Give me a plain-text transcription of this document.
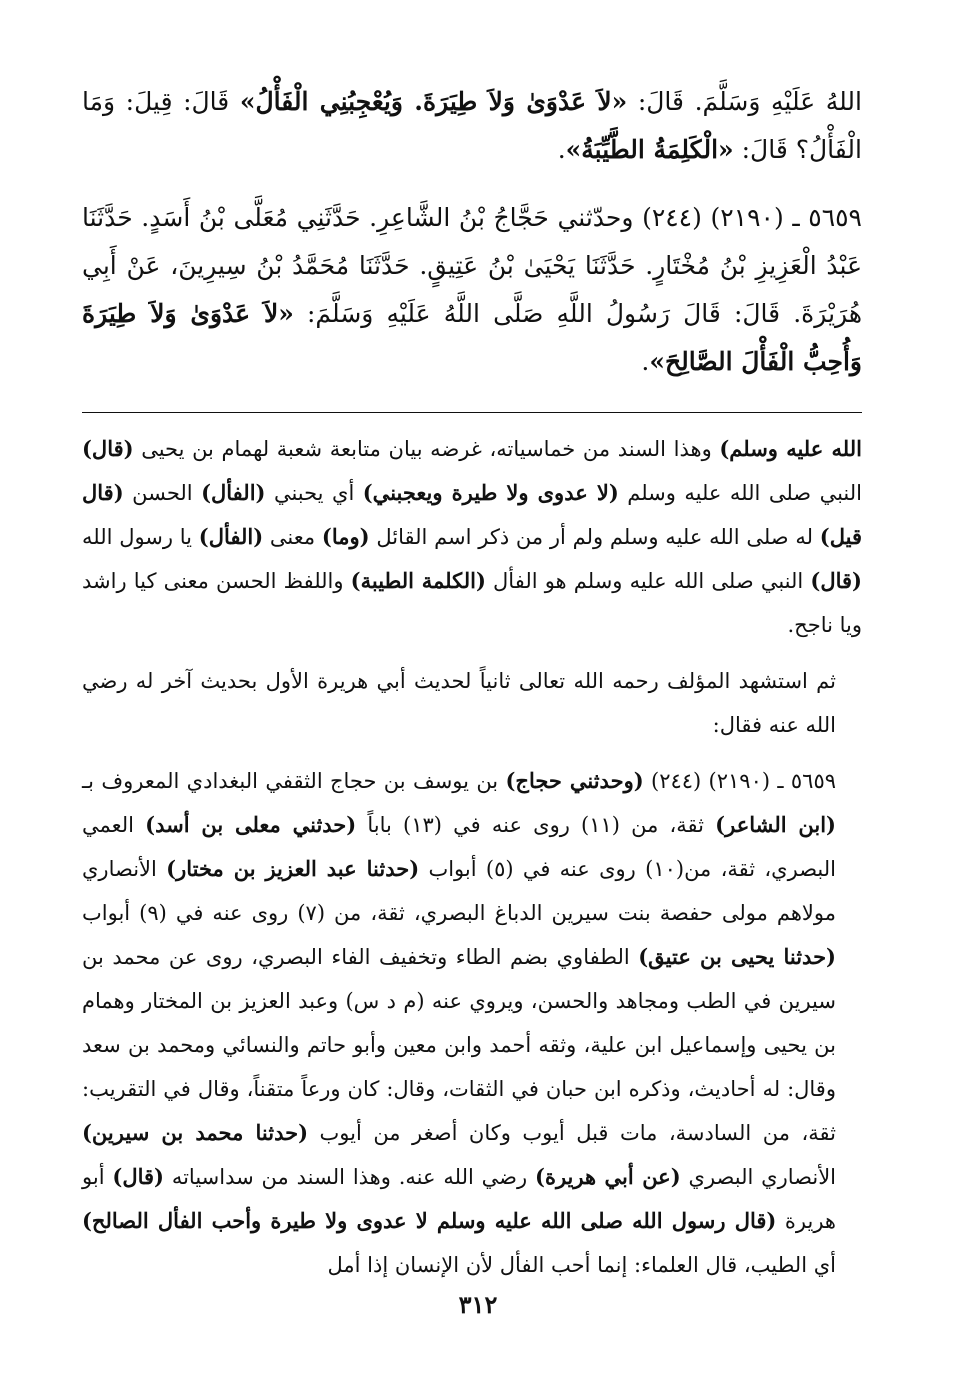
اللهُ عَلَيْهِ وَسَلَّمَ. قَالَ: «لاَ عَدْوَىٰ وَلاَ طِيَرَةَ. وَيُعْجِبُنِي الْفَأْلُ» قَالَ: قِيلَ: وَمَا الْفَأْلُ؟ قَالَ: «الْكَلِمَةُ الطَّيِّبَةُ».

٥٦٥٩ ـ (٢١٩٠) (٢٤٤) وحدّثني حَجَّاجُ بْنُ الشَّاعِرِ. حَدَّثَنِي مُعَلَّى بْنُ أَسَدٍ. حَدَّثَنَا عَبْدُ الْعَزِيزِ بْنُ مُخْتَارٍ. حَدَّثَنَا يَحْيَىٰ بْنُ عَتِيقٍ. حَدَّثَنَا مُحَمَّدُ بْنُ سِيرِينَ، عَنْ أَبِي هُرَيْرَةَ. قَالَ: قَالَ رَسُولُ اللَّهِ صَلَّى اللَّهُ عَلَيْهِ وَسَلَّمَ: «لاَ عَدْوَىٰ وَلاَ طِيَرَةَ وَأُحِبُّ الْفَأْلَ الصَّالِحَ».

الله عليه وسلم) وهذا السند من خماسياته، غرضه بيان متابعة شعبة لهمام بن يحيى (قال) النبي صلى الله عليه وسلم (لا عدوى ولا طيرة ويعجبني) أي يحبني (الفأل) الحسن (قال قيل) له صلى الله عليه وسلم ولم أر من ذكر اسم القائل (وما) معنى (الفأل) يا رسول الله (قال) النبي صلى الله عليه وسلم هو الفأل (الكلمة الطيبة) واللفظ الحسن معنى كيا راشد ويا ناجح.

ثم استشهد المؤلف رحمه الله تعالى ثانياً لحديث أبي هريرة الأول بحديث آخر له رضي الله عنه فقال:

٥٦٥٩ ـ (٢١٩٠) (٢٤٤) (وحدثني حجاج) بن يوسف بن حجاج الثقفي البغدادي المعروف بـ (ابن الشاعر) ثقة، من (١١) روى عنه في (١٣) باباً (حدثني معلى بن أسد) العمي البصري، ثقة، من(١٠) روى عنه في (٥) أبواب (حدثنا عبد العزيز بن مختار) الأنصاري مولاهم مولى حفصة بنت سيرين الدباغ البصري، ثقة، من (٧) روى عنه في (٩) أبواب (حدثنا يحيى بن عتيق) الطفاوي بضم الطاء وتخفيف الفاء البصري، روى عن محمد بن سيرين في الطب ومجاهد والحسن، ويروي عنه (م د س) وعبد العزيز بن المختار وهمام بن يحيى وإسماعيل ابن علية، وثقه أحمد وابن معين وأبو حاتم والنسائي ومحمد بن سعد وقال: له أحاديث، وذكره ابن حبان في الثقات، وقال: كان ورعاً متقناً، وقال في التقريب: ثقة، من السادسة، مات قبل أيوب وكان أصغر من أيوب (حدثنا محمد بن سيرين) الأنصاري البصري (عن أبي هريرة) رضي الله عنه. وهذا السند من سداسياته (قال) أبو هريرة (قال رسول الله صلى الله عليه وسلم لا عدوى ولا طيرة وأحب الفأل الصالح) أي الطيب، قال العلماء: إنما أحب الفأل لأن الإنسان إذا أمل

٣١٢
